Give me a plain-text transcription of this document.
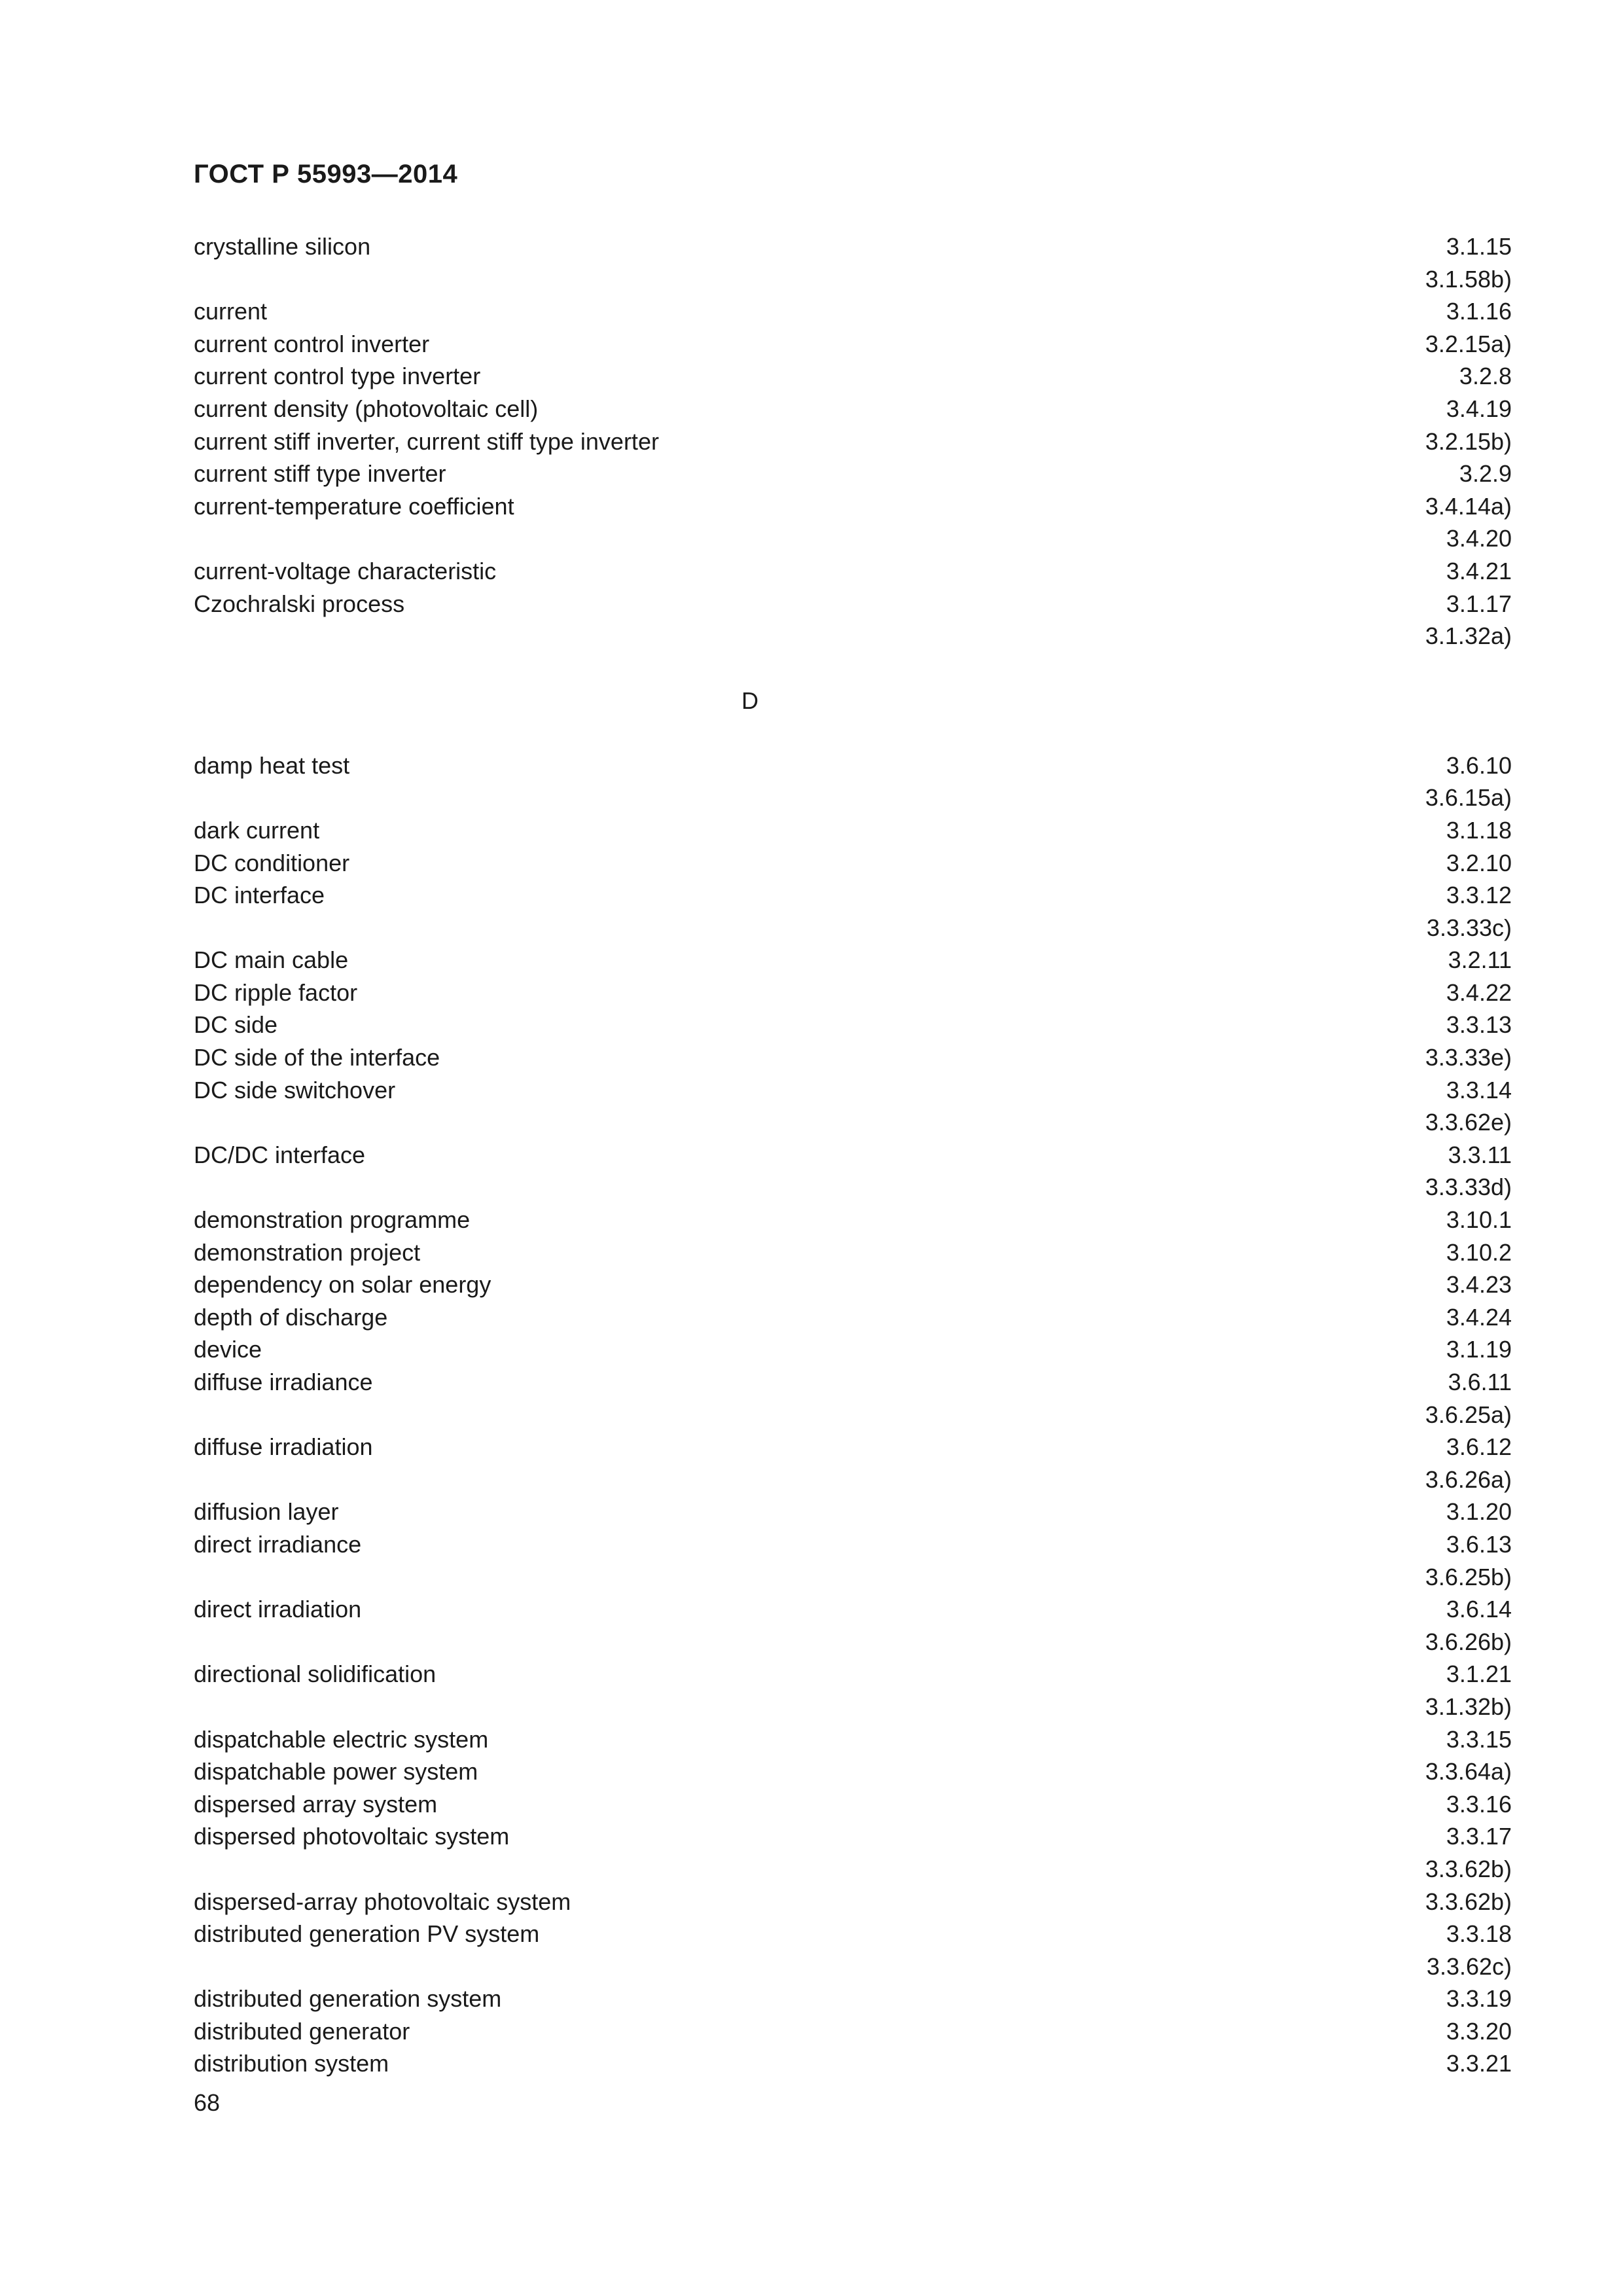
ГОСТ Р 55993—2014
crystalline silicon	3.1.15
3.1.58b)
current	3.1.16
current control inverter	3.2.15a)
current control type inverter	3.2.8
current density (photovoltaic cell)	3.4.19
current stiff inverter, current stiff type inverter	3.2.15b)
current stiff type inverter	3.2.9
current-temperature coefficient	3.4.14a)
3.4.20
current-voltage characteristic	3.4.21
Czochralski process	3.1.17
3.1.32a)
D
damp heat test	3.6.10
3.6.15a)
dark current	3.1.18
DC conditioner	3.2.10
DC interface	3.3.12
3.3.33c)
DC main cable	3.2.11
DC ripple factor	3.4.22
DC side	3.3.13
DC side of the interface	3.3.33e)
DC side switchover	3.3.14
3.3.62e)
DC/DC interface	3.3.11
3.3.33d)
demonstration programme	3.10.1
demonstration project	3.10.2
dependency on solar energy	3.4.23
depth of discharge	3.4.24
device	3.1.19
diffuse irradiance	3.6.11
3.6.25a)
diffuse irradiation	3.6.12
3.6.26a)
diffusion layer	3.1.20
direct irradiance	3.6.13
3.6.25b)
direct irradiation	3.6.14
3.6.26b)
directional solidification	3.1.21
3.1.32b)
dispatchable electric system	3.3.15
dispatchable power system	3.3.64a)
dispersed array system	3.3.16
dispersed photovoltaic system	3.3.17
3.3.62b)
dispersed-array photovoltaic system	3.3.62b)
distributed generation PV system	3.3.18
3.3.62c)
distributed generation system	3.3.19
distributed generator	3.3.20
distribution system	3.3.21
68
